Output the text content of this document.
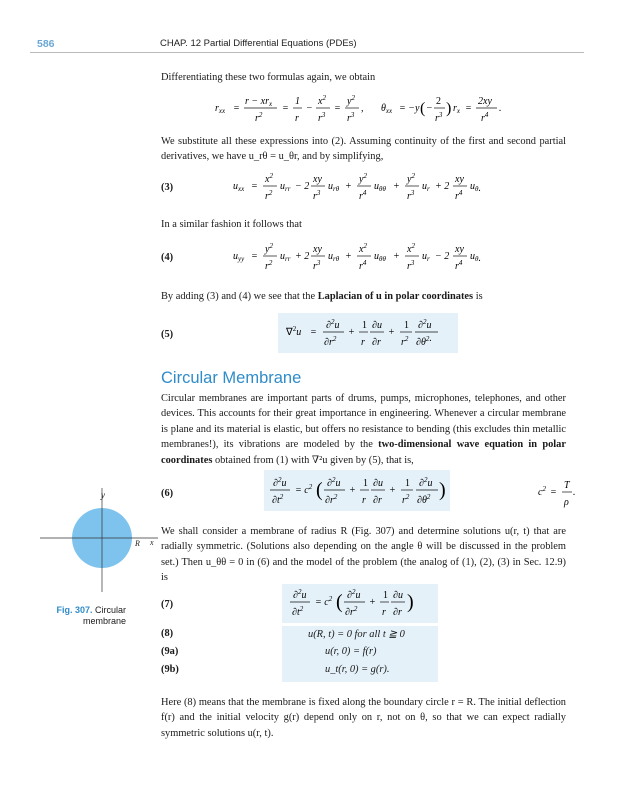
586	CHAP. 12 Partial Differential Equations (PDEs)
Differentiating these two formulas again, we obtain
$r_{xx}$ =
$r - xr_x$
$r^2$
=
1
r
−
$x^2$
$r^3$
=
$y^2$
$r^3$
, $\theta_{xx} = -y$ ( −
2
$r^3$ ) $r_x$ =
2xy
$r^4$
.
We substitute all these expressions into (2). Assuming continuity of the first and second partial derivatives, we have u_rθ = u_θr, and by simplifying,
(3)	$u_{xx}$ =
$x^2$
$r^2$
$u_{rr} - 2$
xy
$r^3$
$u_{r\theta}$ +
$y^2$
$r^4$
$u_{\theta\theta}$ +
$y^2$
$r^3$
$u_r + 2$
xy
$r^4$
$u_\theta$.
In a similar fashion it follows that
(4)	$u_{yy}$ =
$y^2$
$r^2$
$u_{rr} + 2$
xy
$r^3$
$u_{r\theta}$ +
$x^2$
$r^4$
$u_{\theta\theta}$ +
$x^2$
$r^3$
$u_r - 2$
xy
$r^4$
$u_\theta$.
By adding (3) and (4) we see that the Laplacian of u in polar coordinates is
(5)	∇$^2$u =
∂$^2$u
$\partial r^2$
+
1
r
∂u
∂r
+
1
$r^2$
∂$^2$u
$\partial\theta^2$.
Circular Membrane
Circular membranes are important parts of drums, pumps, microphones, telephones, and other devices. This accounts for their great importance in engineering. Whenever a circular membrane is plane and its material is elastic, but offers no resistance to bending (this excludes thin metallic membranes!), its vibrations are modeled by the two-dimensional wave equation in polar coordinates obtained from (1) with ∇²u given by (5), that is,
(6)
∂$^2$u
$\partial t^2$
= $c^2$ ( ∂$^2$u
$\partial r^2$
+
1
r
∂u
∂r
+
1
$r^2$
∂$^2$u
$\partial\theta^2$ )	$c^2$ =
T
ρ
.
y
R x
Fig. 307. Circular membrane
We shall consider a membrane of radius R (Fig. 307) and determine solutions u(r, t) that are radially symmetric. (Solutions also depending on the angle θ will be discussed in the problem set.) Then u_θθ = 0 in (6) and the model of the problem (the analog of (1), (2), (3) in Sec. 12.9) is
(7)
∂$^2$u
$\partial t^2$
= $c^2$ ( ∂$^2$u
$\partial r^2$
+
1
r
∂u
∂r )
(8)	u(R, t) = 0 for all t ≧ 0
(9a)	u(r, 0) = f(r)
(9b)	u_t(r, 0) = g(r).
Here (8) means that the membrane is fixed along the boundary circle r = R. The initial deflection f(r) and the initial velocity g(r) depend only on r, not on θ, so that we can expect radially symmetric solutions u(r, t).
